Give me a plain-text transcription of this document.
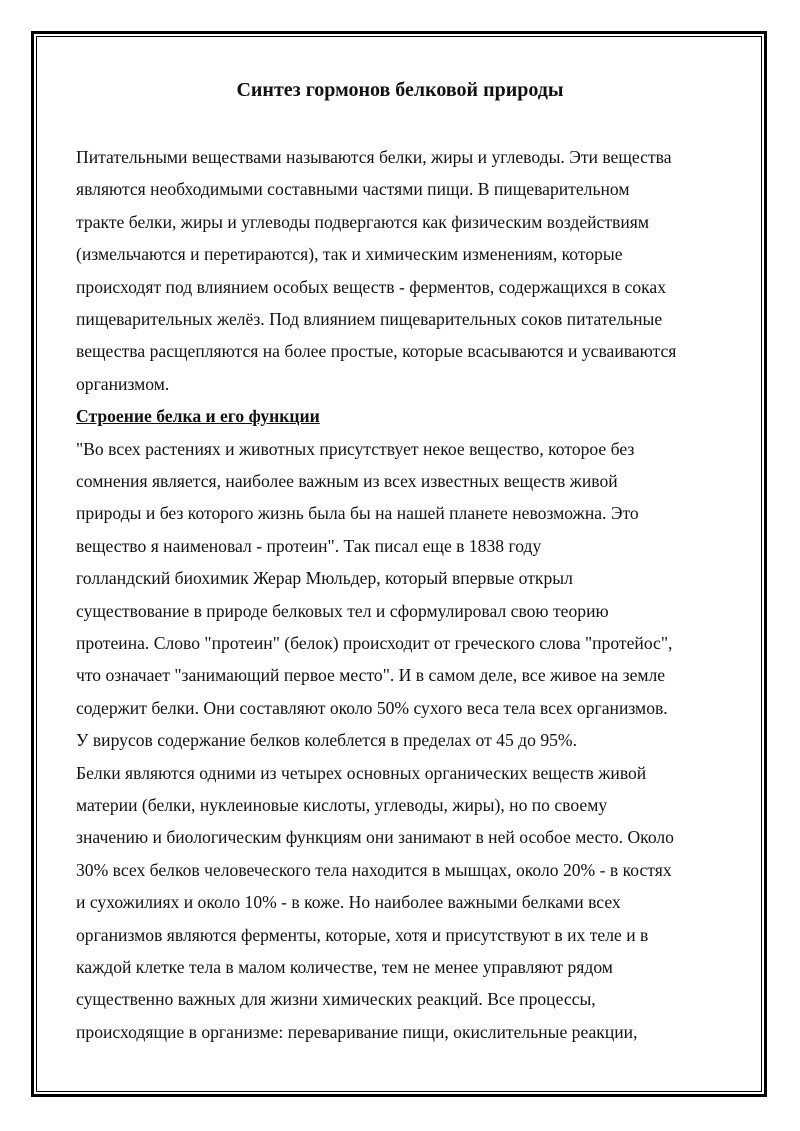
Синтез гормонов белковой природы
Питательными веществами называются белки, жиры и углеводы. Эти вещества
являются необходимыми составными частями пищи. В пищеварительном
тракте белки, жиры и углеводы подвергаются как физическим воздействиям
(измельчаются и перетираются), так и химическим изменениям, которые
происходят под влиянием особых веществ - ферментов, содержащихся в соках
пищеварительных желёз. Под влиянием пищеварительных соков питательные
вещества расщепляются на более простые, которые всасываются и усваиваются
организмом.
Строение белка и его функции
"Во всех растениях и животных присутствует некое вещество, которое без
сомнения является, наиболее важным из всех известных веществ живой
природы и без которого жизнь была бы на нашей планете невозможна. Это
вещество я наименовал - протеин". Так писал еще в 1838 году
голландский биохимик Жерар Мюльдер, который впервые открыл
существование в природе белковых тел и сформулировал свою теорию
протеина. Слово "протеин" (белок) происходит от греческого слова "протейос",
что означает "занимающий первое место". И в самом деле, все живое на земле
содержит белки. Они составляют около 50% сухого веса тела всех организмов.
У вирусов содержание белков колеблется в пределах от 45 до 95%.
Белки являются одними из четырех основных органических веществ живой
материи (белки, нуклеиновые кислоты, углеводы, жиры), но по своему
значению и биологическим функциям они занимают в ней особое место. Около
30% всех белков человеческого тела находится в мышцах, около 20% - в костях
и сухожилиях и около 10% - в коже. Но наиболее важными белками всех
организмов являются ферменты, которые, хотя и присутствуют в их теле и в
каждой клетке тела в малом количестве, тем не менее управляют рядом
существенно важных для жизни химических реакций. Все процессы,
происходящие в организме: переваривание пищи, окислительные реакции,
